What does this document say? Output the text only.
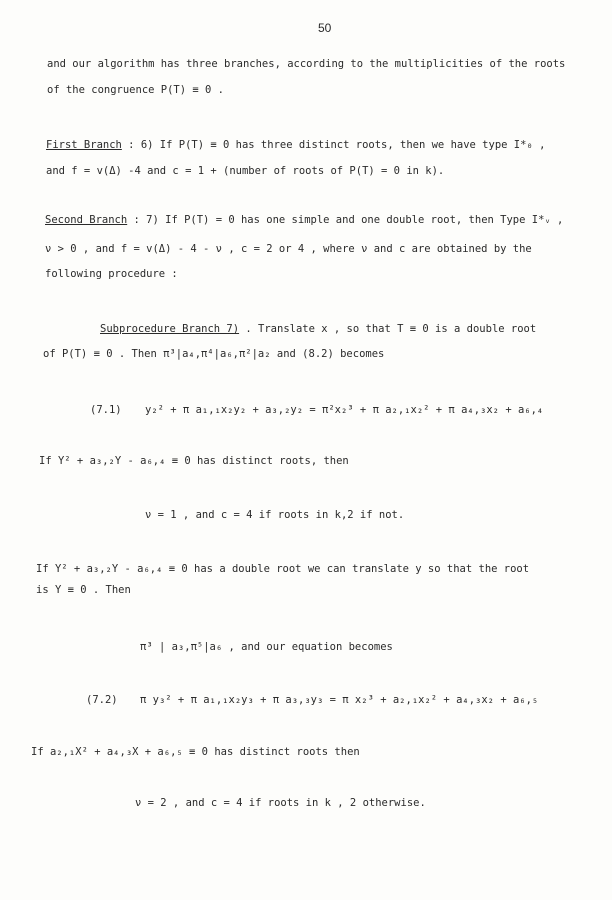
50
and our algorithm has three branches, according to the multiplicities of the roots
of the congruence P(T) ≡ 0 .
First Branch : 6) If P(T) ≡ 0 has three distinct roots, then we have type I*₀ ,
and f = v(Δ) -4 and c = 1 + (number of roots of P(T) = 0 in k).
Second Branch : 7) If P(T) = 0 has one simple and one double root, then Type I*ᵥ ,
ν > 0 , and f = v(Δ) - 4 - ν , c = 2 or 4 , where ν and c are obtained by the
following procedure :
Subprocedure Branch 7) . Translate x , so that T ≡ 0 is a double root
of P(T) ≡ 0 . Then π³|a₄,π⁴|a₆,π²|a₂ and (8.2) becomes
(7.1) y₂² + π a₁,₁x₂y₂ + a₃,₂y₂ = π²x₂³ + π a₂,₁x₂² + π a₄,₃x₂ + a₆,₄
If Y² + a₃,₂Y - a₆,₄ ≡ 0 has distinct roots, then
ν = 1 , and c = 4 if roots in k,2 if not.
If Y² + a₃,₂Y - a₆,₄ ≡ 0 has a double root we can translate y so that the root
is Y ≡ 0 . Then
π³ | a₃,π⁵|a₆ , and our equation becomes
(7.2) π y₃² + π a₁,₁x₂y₃ + π a₃,₃y₃ = π x₂³ + a₂,₁x₂² + a₄,₃x₂ + a₆,₅
If a₂,₁X² + a₄,₃X + a₆,₅ ≡ 0 has distinct roots then
ν = 2 , and c = 4 if roots in k , 2 otherwise.
